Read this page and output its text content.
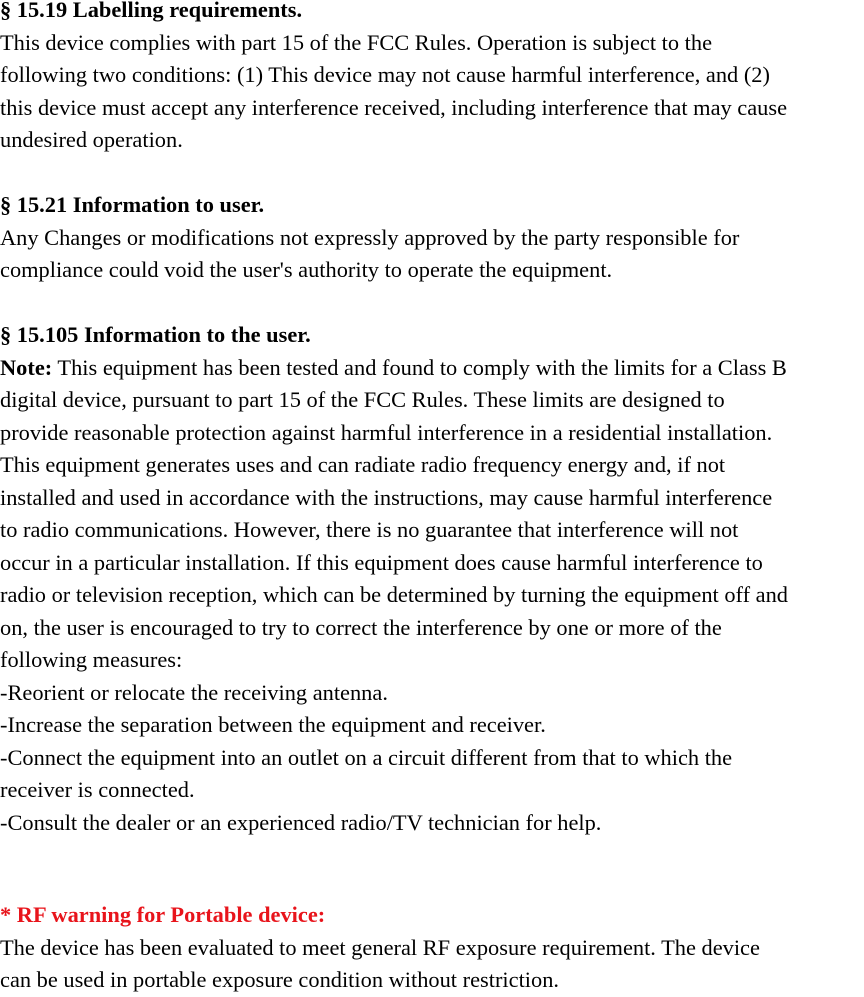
§ 15.19 Labelling requirements.
This device complies with part 15 of the FCC Rules. Operation is subject to the
following two conditions: (1) This device may not cause harmful interference, and (2)
this device must accept any interference received, including interference that may cause
undesired operation.
§ 15.21 Information to user.
Any Changes or modifications not expressly approved by the party responsible for
compliance could void the user's authority to operate the equipment.
§ 15.105 Information to the user.
Note: This equipment has been tested and found to comply with the limits for a Class B
digital device, pursuant to part 15 of the FCC Rules. These limits are designed to
provide reasonable protection against harmful interference in a residential installation.
This equipment generates uses and can radiate radio frequency energy and, if not
installed and used in accordance with the instructions, may cause harmful interference
to radio communications. However, there is no guarantee that interference will not
occur in a particular installation. If this equipment does cause harmful interference to
radio or television reception, which can be determined by turning the equipment off and
on, the user is encouraged to try to correct the interference by one or more of the
following measures:
-Reorient or relocate the receiving antenna.
-Increase the separation between the equipment and receiver.
-Connect the equipment into an outlet on a circuit different from that to which the
receiver is connected.
-Consult the dealer or an experienced radio/TV technician for help.
* RF warning for Portable device:
The device has been evaluated to meet general RF exposure requirement. The device
can be used in portable exposure condition without restriction.
